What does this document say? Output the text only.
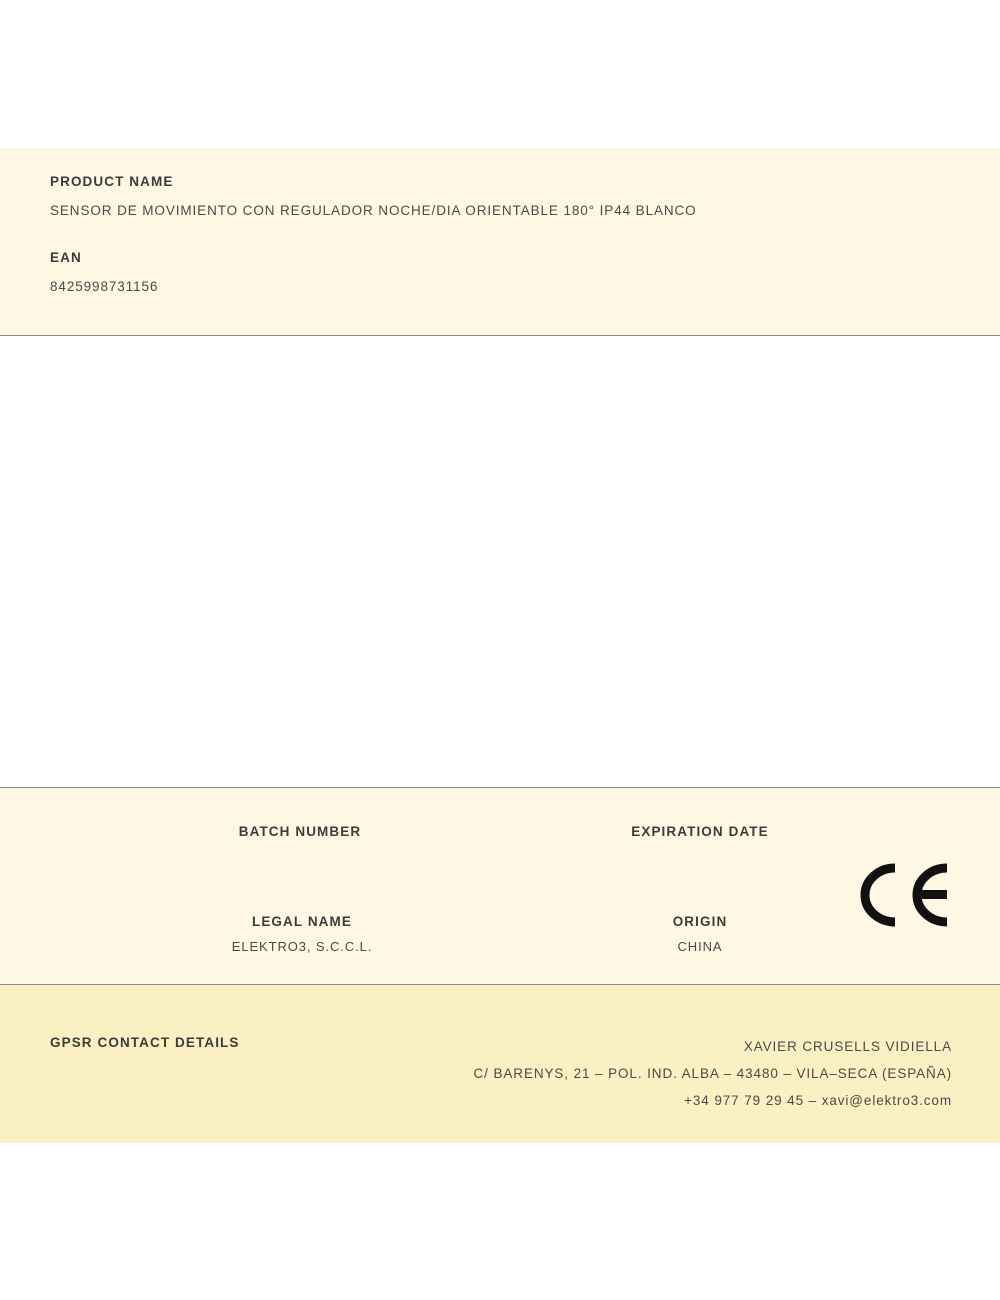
PRODUCT NAME
SENSOR DE MOVIMIENTO CON REGULADOR NOCHE/DIA ORIENTABLE 180° IP44 BLANCO
EAN
8425998731156
BATCH NUMBER	EXPIRATION DATE
LEGAL NAME
ELEKTRO3, S.C.C.L.
ORIGIN
CHINA
GPSR CONTACT DETAILS	XAVIER CRUSELLS VIDIELLA
C/ BARENYS, 21 – POL. IND. ALBA – 43480 – VILA–SECA (ESPAÑA)
+34 977 79 29 45 – xavi@elektro3.com
